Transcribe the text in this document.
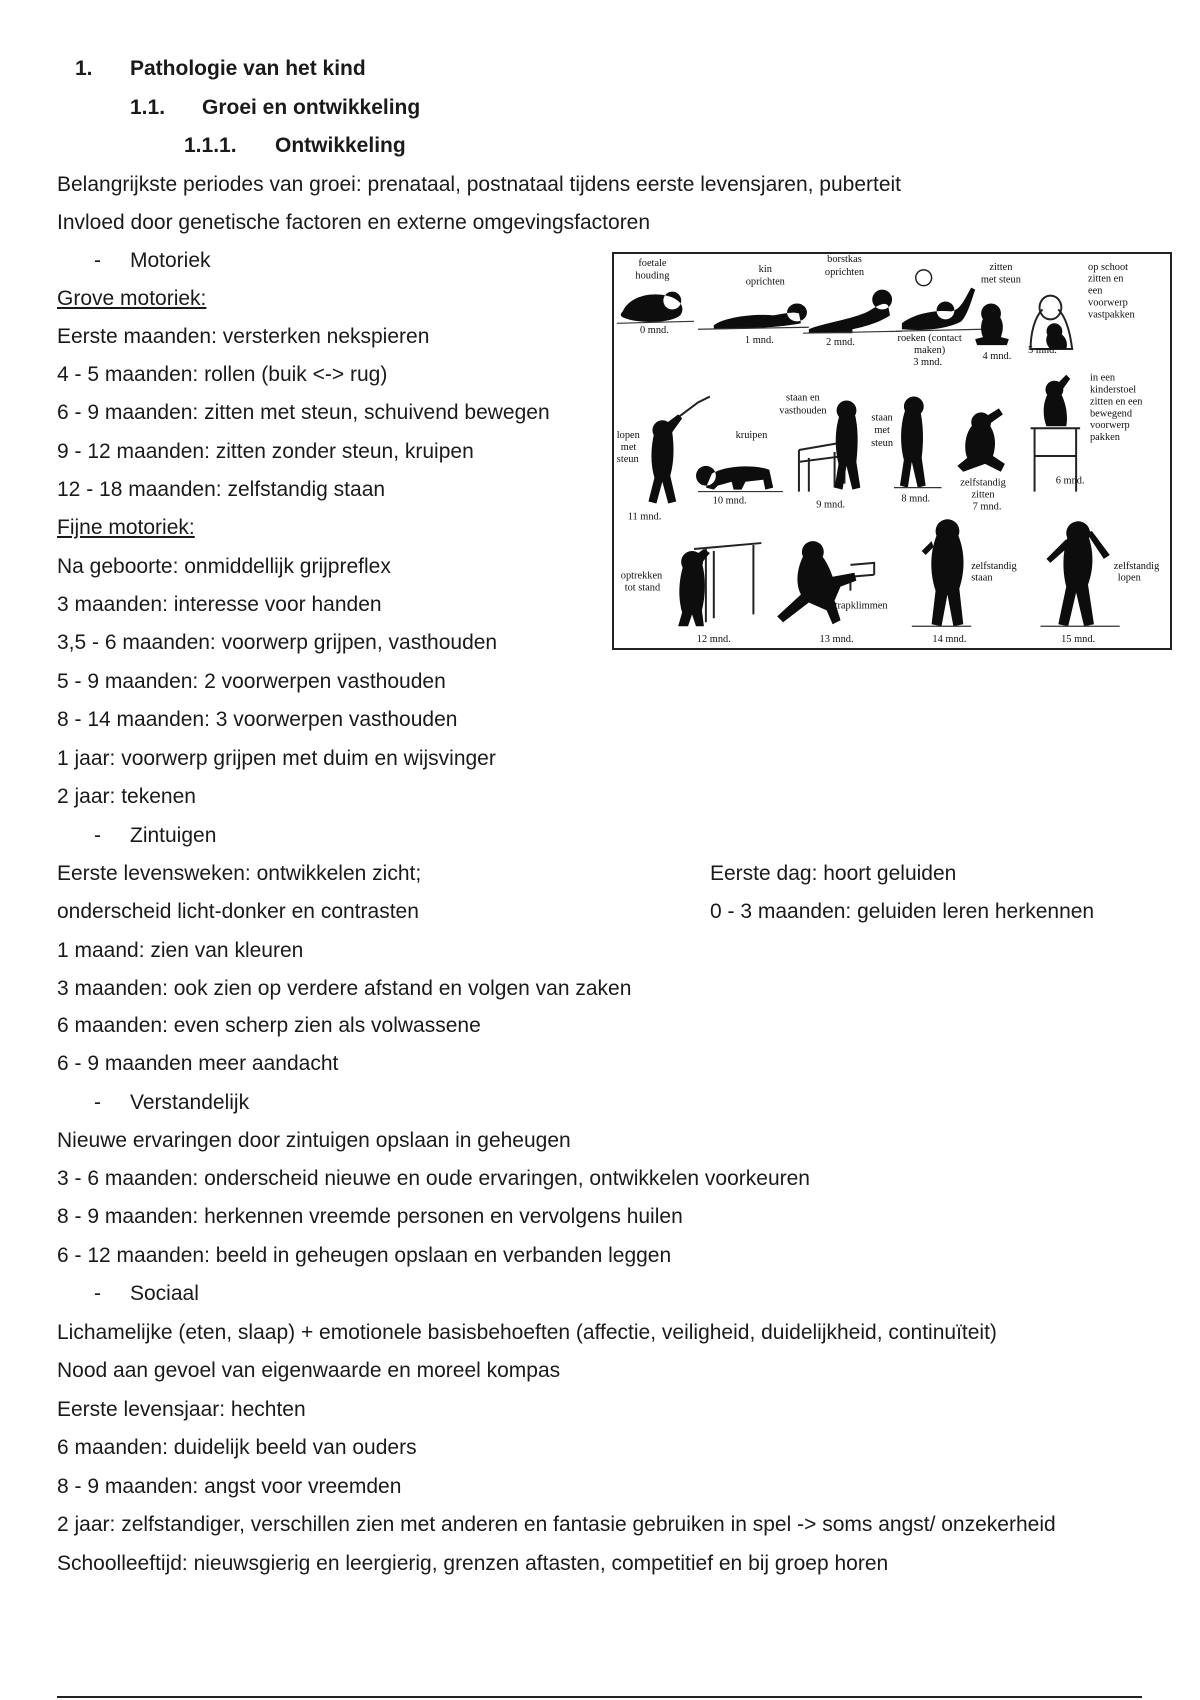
1. Pathologie van het kind
1.1. Groei en ontwikkeling
1.1.1. Ontwikkeling
Belangrijkste periodes van groei: prenataal, postnataal tijdens eerste levensjaren, puberteit
Invloed door genetische factoren en externe omgevingsfactoren
- Motoriek
Grove motoriek:
Eerste maanden: versterken nekspieren
4 - 5 maanden: rollen (buik <-> rug)
6 - 9 maanden: zitten met steun, schuivend bewegen
9 - 12 maanden: zitten zonder steun, kruipen
12 - 18 maanden: zelfstandig staan
Fijne motoriek:
Na geboorte: onmiddellijk grijpreflex
3 maanden: interesse voor handen
3,5 - 6 maanden: voorwerp grijpen, vasthouden
5 - 9 maanden: 2 voorwerpen vasthouden
8 - 14 maanden: 3 voorwerpen vasthouden
1 jaar: voorwerp grijpen met duim en wijsvinger
2 jaar: tekenen
- Zintuigen
Eerste levensweken: ontwikkelen zicht;	Eerste dag: hoort geluiden
onderscheid licht-donker en contrasten	0 - 3 maanden: geluiden leren herkennen
1 maand: zien van kleuren
3 maanden: ook zien op verdere afstand en volgen van zaken
6 maanden: even scherp zien als volwassene
6 - 9 maanden meer aandacht
- Verstandelijk
Nieuwe ervaringen door zintuigen opslaan in geheugen
3 - 6 maanden: onderscheid nieuwe en oude ervaringen, ontwikkelen voorkeuren
8 - 9 maanden: herkennen vreemde personen en vervolgens huilen
6 - 12 maanden: beeld in geheugen opslaan en verbanden leggen
- Sociaal
Lichamelijke (eten, slaap) + emotionele basisbehoeften (affectie, veiligheid, duidelijkheid, continuïteit)
Nood aan gevoel van eigenwaarde en moreel kompas
Eerste levensjaar: hechten
6 maanden: duidelijk beeld van ouders
8 - 9 maanden: angst voor vreemden
2 jaar: zelfstandiger, verschillen zien met anderen en fantasie gebruiken in spel -> soms angst/ onzekerheid
Schoolleeftijd: nieuwsgierig en leergierig, grenzen aftasten, competitief en bij groep horen
foetale
houding
0 mnd.
kin
oprichten
1 mnd.
borstkas
oprichten
2 mnd.	roeken (contact
maken)
3 mnd.
zitten
met steun
4 mnd.
op schoot
zitten en
een
voorwerp
vastpakken
5 mnd.
lopen
met
steun
11 mnd.
kruipen
10 mnd.
staan en
vasthouden
9 mnd.
staan
met
steun
8 mnd.
zelfstandig
zitten
7 mnd.
in een
kinderstoel
zitten en een
bewegend
voorwerp
pakken
6 mnd.
optrekken
tot stand
12 mnd.
trapklimmen
13 mnd.
zelfstandig
staan
14 mnd.
zelfstandig
lopen
15 mnd.
